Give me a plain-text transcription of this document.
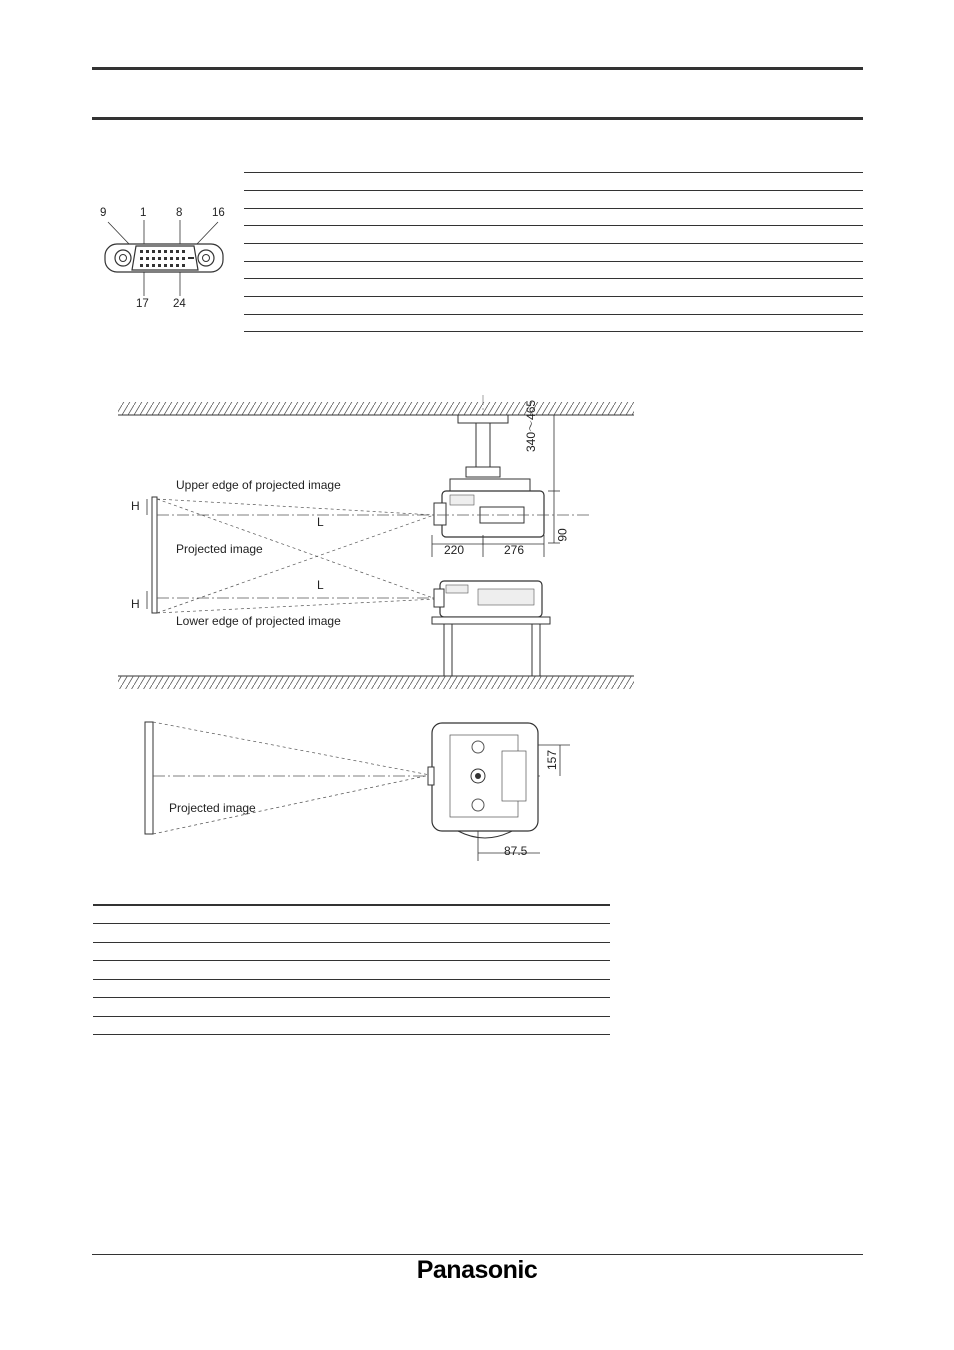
9	1	8	16
17 24
Upper edge of projected image
Projected image
Lower edge of projected image
H
H
L
L
220	276
340～465
90
Projected image
157
87.5
Panasonic
